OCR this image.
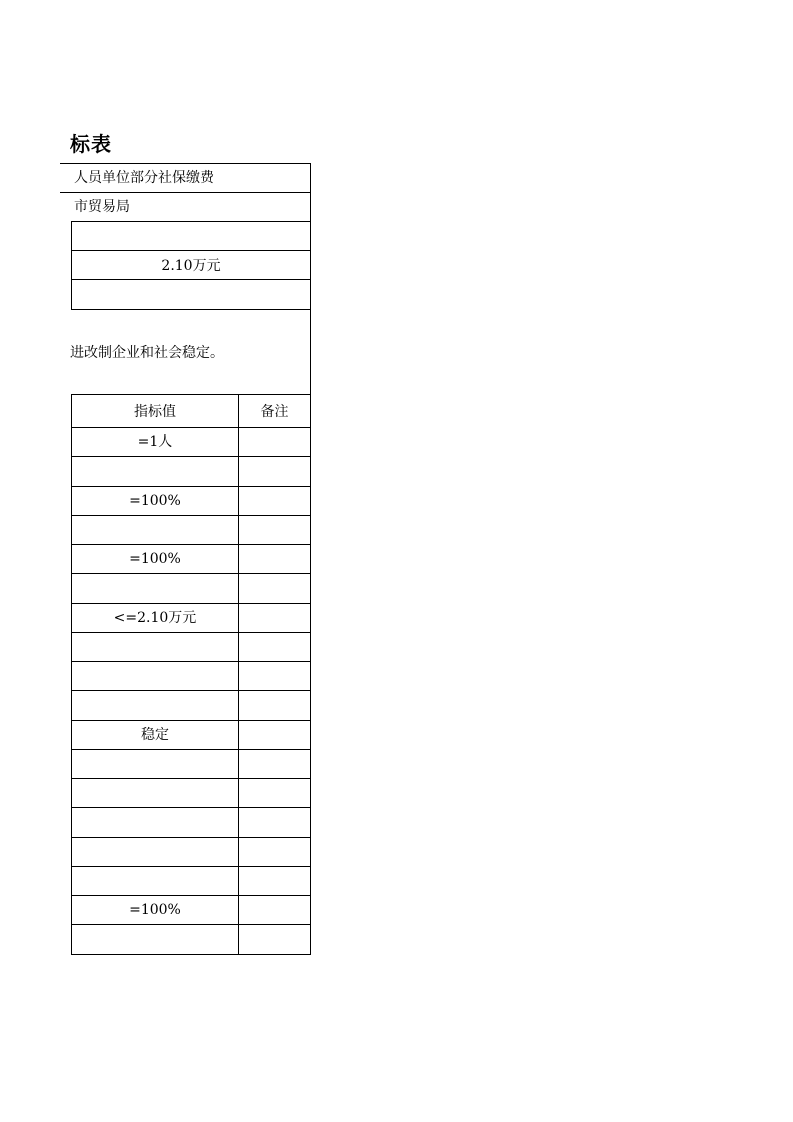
标表
人员单位部分社保缴费
市贸易局
2.10万元
进改制企业和社会稳定。
指标值	备注
=1人
=100%
=100%
<=2.10万元
稳定
=100%
